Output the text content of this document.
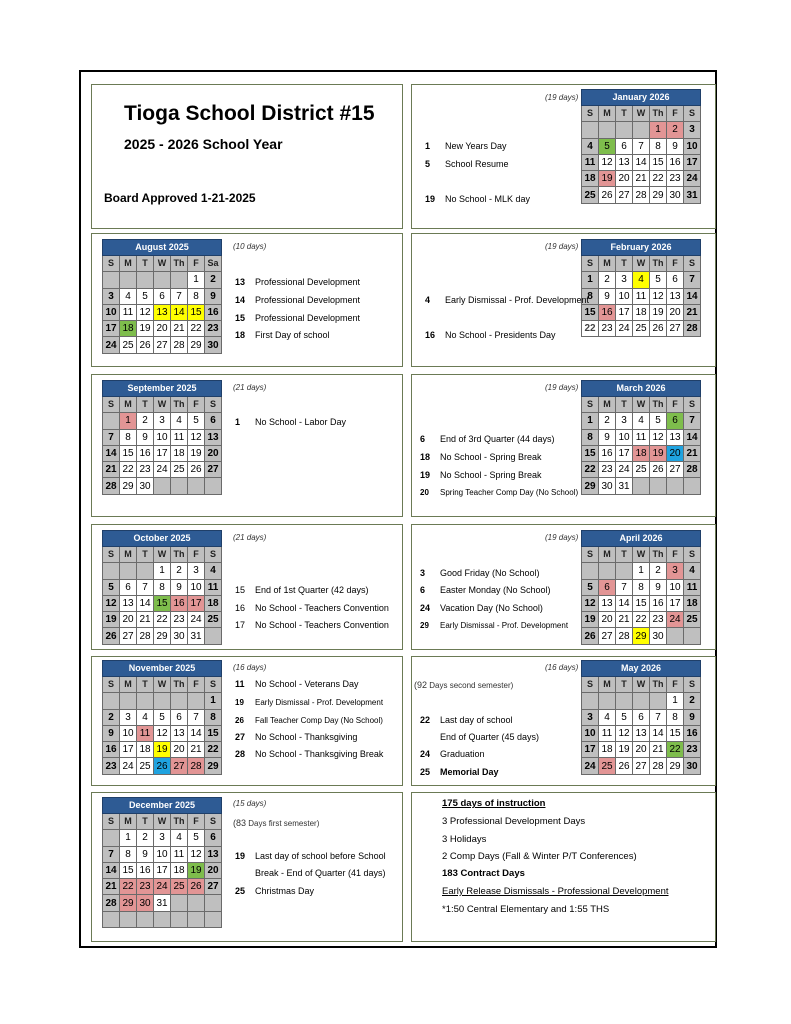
Tioga School District #15
2025 - 2026 School Year
Board Approved 1-21-2025
January 2026						
S	M	T	W	Th	F	S
				1	2	3
4	5	6	7	8	9	10
11	12	13	14	15	16	17
18	19	20	21	22	23	24
25	26	27	28	29	30	31
August 2025						
S	M	T	W	Th	F	Sa
					1	2
3	4	5	6	7	8	9
10	11	12	13	14	15	16
17	18	19	20	21	22	23
24	25	26	27	28	29	30
February 2026						
S	M	T	W	Th	F	S
1	2	3	4	5	6	7
8	9	10	11	12	13	14
15	16	17	18	19	20	21
22	23	24	25	26	27	28
September 2025						
S	M	T	W	Th	F	S
	1	2	3	4	5	6
7	8	9	10	11	12	13
14	15	16	17	18	19	20
21	22	23	24	25	26	27
28	29	30				
March 2026						
S	M	T	W	Th	F	S
1	2	3	4	5	6	7
8	9	10	11	12	13	14
15	16	17	18	19	20	21
22	23	24	25	26	27	28
29	30	31				
October 2025						
S	M	T	W	Th	F	S
			1	2	3	4
5	6	7	8	9	10	11
12	13	14	15	16	17	18
19	20	21	22	23	24	25
26	27	28	29	30	31	
April 2026						
S	M	T	W	Th	F	S
			1	2	3	4
5	6	7	8	9	10	11
12	13	14	15	16	17	18
19	20	21	22	23	24	25
26	27	28	29	30		
November 2025						
S	M	T	W	Th	F	S
						1
2	3	4	5	6	7	8
9	10	11	12	13	14	15
16	17	18	19	20	21	22
23	24	25	26	27	28	29
May 2026						
S	M	T	W	Th	F	S
					1	2
3	4	5	6	7	8	9
10	11	12	13	14	15	16
17	18	19	20	21	22	23
24	25	26	27	28	29	30
December 2025						
S	M	T	W	Th	F	S
	1	2	3	4	5	6
7	8	9	10	11	12	13
14	15	16	17	18	19	20
21	22	23	24	25	26	27
28	29	30	31			

(19 days)
(10 days)	(19 days)
(21 days)	(19 days)
(21 days)	(19 days)
(16 days)	(16 days)
(15 days)
(83 Days first semester)
(92 Days second semester)
1 New Years Day
5 School Resume
19 No School - MLK day
13 Professional Development
14 Professional Development
15 Professional Development
18 First Day of school
4 Early Dismissal - Prof. Development
16 No School - Presidents Day
1 No School - Labor Day
6 End of 3rd Quarter (44 days)
18 No School - Spring Break
19 No School - Spring Break
20 Spring Teacher Comp Day (No School)
15 End of 1st Quarter (42 days)
16 No School - Teachers Convention
17 No School - Teachers Convention
3 Good Friday (No School)
6 Easter Monday (No School)
24 Vacation Day (No School)
29 Early Dismissal - Prof. Development
11 No School - Veterans Day
19 Early Dismissal - Prof. Development
26 Fall Teacher Comp Day (No School)
27 No School - Thanksgiving
28 No School - Thanksgiving Break
22 Last day of school
End of Quarter (45 days)
24 Graduation
25 Memorial Day
19 Last day of school before School
Break - End of Quarter (41 days)
25 Christmas Day
175 days of instruction
3 Professional Development Days
3 Holidays
2 Comp Days (Fall & Winter P/T Conferences)
183 Contract Days
Early Release Dismissals - Professional Development
*1:50 Central Elementary and 1:55 THS
